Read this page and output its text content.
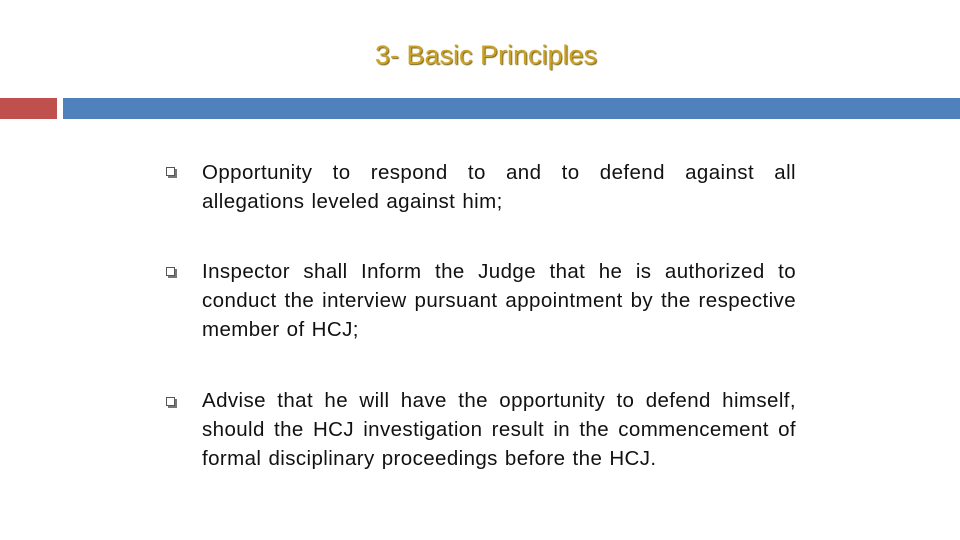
3- Basic Principles
Opportunity to respond to and to defend against all allegations leveled against him;
Inspector shall Inform the Judge that he is authorized to conduct the interview pursuant appointment by the respective member of HCJ;
Advise that he will have the opportunity to defend himself, should the HCJ investigation result in the commencement of formal disciplinary proceedings before the HCJ.
